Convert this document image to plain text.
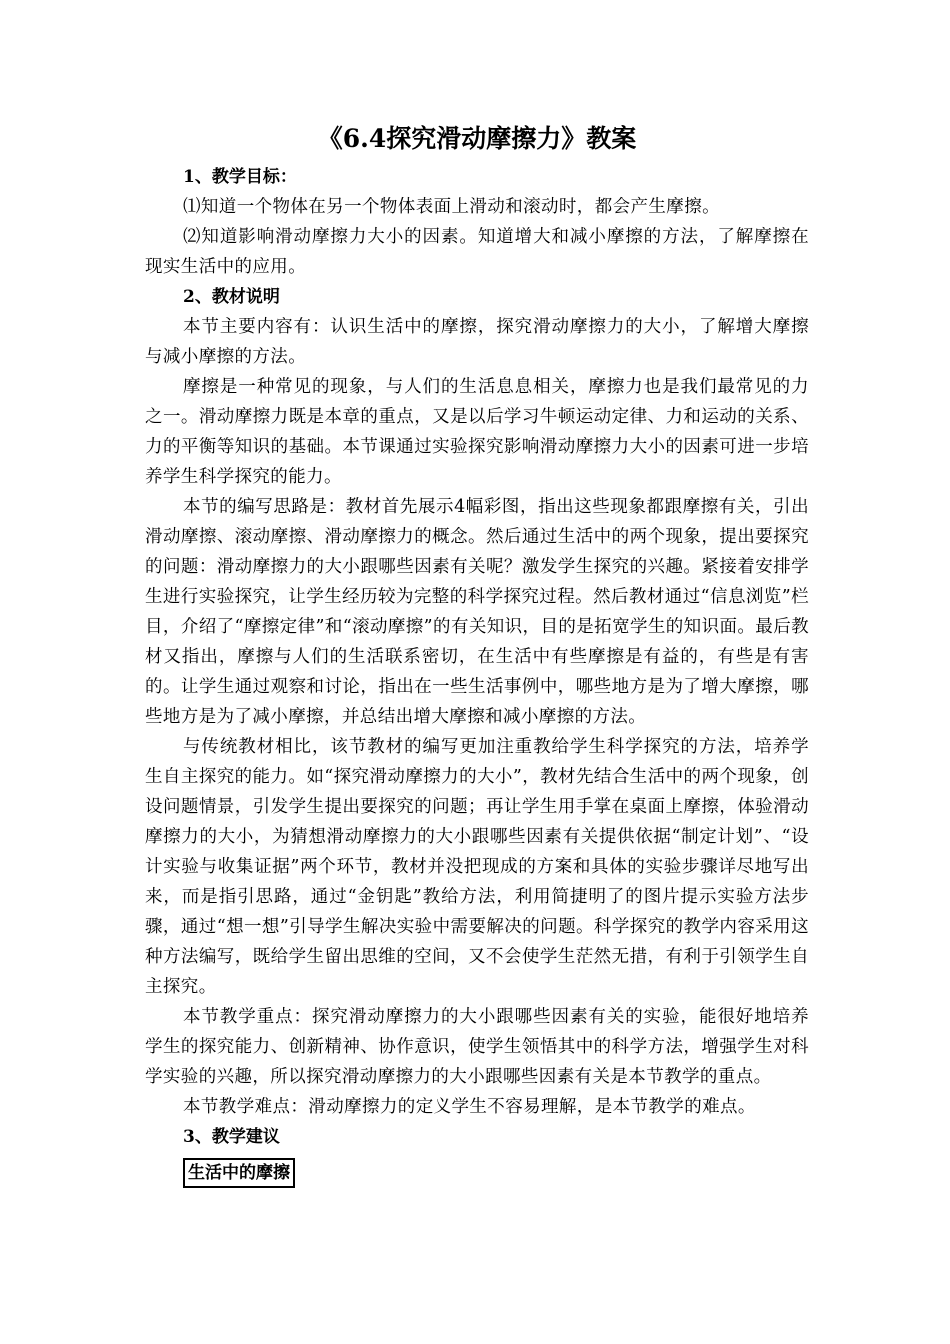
《6.4探究滑动摩擦力》教案
1、教学目标：
⑴知道一个物体在另一个物体表面上滑动和滚动时，都会产生摩擦。
⑵知道影响滑动摩擦力大小的因素。知道增大和减小摩擦的方法，了解摩擦在现实生活中的应用。
2、教材说明
本节主要内容有：认识生活中的摩擦，探究滑动摩擦力的大小，了解增大摩擦与减小摩擦的方法。
摩擦是一种常见的现象，与人们的生活息息相关，摩擦力也是我们最常见的力之一。滑动摩擦力既是本章的重点，又是以后学习牛顿运动定律、力和运动的关系、力的平衡等知识的基础。本节课通过实验探究影响滑动摩擦力大小的因素可进一步培养学生科学探究的能力。
本节的编写思路是：教材首先展示4幅彩图，指出这些现象都跟摩擦有关，引出滑动摩擦、滚动摩擦、滑动摩擦力的概念。然后通过生活中的两个现象，提出要探究的问题：滑动摩擦力的大小跟哪些因素有关呢？激发学生探究的兴趣。紧接着安排学生进行实验探究，让学生经历较为完整的科学探究过程。然后教材通过“信息浏览”栏目，介绍了“摩擦定律”和“滚动摩擦”的有关知识，目的是拓宽学生的知识面。最后教材又指出，摩擦与人们的生活联系密切，在生活中有些摩擦是有益的，有些是有害的。让学生通过观察和讨论，指出在一些生活事例中，哪些地方是为了增大摩擦，哪些地方是为了减小摩擦，并总结出增大摩擦和减小摩擦的方法。
与传统教材相比，该节教材的编写更加注重教给学生科学探究的方法，培养学生自主探究的能力。如“探究滑动摩擦力的大小”，教材先结合生活中的两个现象，创设问题情景，引发学生提出要探究的问题；再让学生用手掌在桌面上摩擦，体验滑动摩擦力的大小，为猜想滑动摩擦力的大小跟哪些因素有关提供依据“制定计划”、“设计实验与收集证据”两个环节，教材并没把现成的方案和具体的实验步骤详尽地写出来，而是指引思路，通过“金钥匙”教给方法，利用简捷明了的图片提示实验方法步骤，通过“想一想”引导学生解决实验中需要解决的问题。科学探究的教学内容采用这种方法编写，既给学生留出思维的空间，又不会使学生茫然无措，有利于引领学生自主探究。
本节教学重点：探究滑动摩擦力的大小跟哪些因素有关的实验，能很好地培养学生的探究能力、创新精神、协作意识，使学生领悟其中的科学方法，增强学生对科学实验的兴趣，所以探究滑动摩擦力的大小跟哪些因素有关是本节教学的重点。
本节教学难点：滑动摩擦力的定义学生不容易理解，是本节教学的难点。
3、教学建议
生活中的摩擦
